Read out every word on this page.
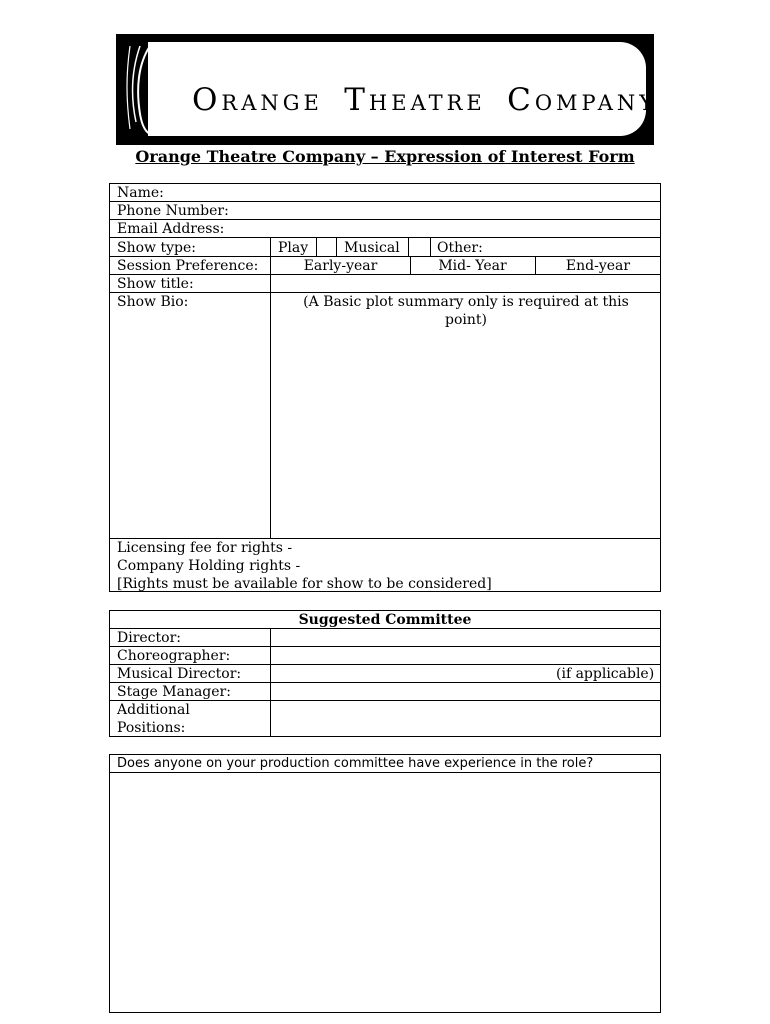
ORANGE  THEATRE  COMPANY
Orange Theatre Company – Expression of Interest Form
Name:
Phone Number:
Email Address:
Show type:	Play	Musical	Other:
Session Preference:	Early-year	Mid- Year	End-year
Show title:
Show Bio:	(A Basic plot summary only is required at this
point)
Licensing fee for rights -
Company Holding rights -
[Rights must be available for show to be considered]
Suggested Committee
Director:
Choreographer:
Musical Director:	(if applicable)
Stage Manager:
Additional
Positions:
Does anyone on your production committee have experience in the role?
